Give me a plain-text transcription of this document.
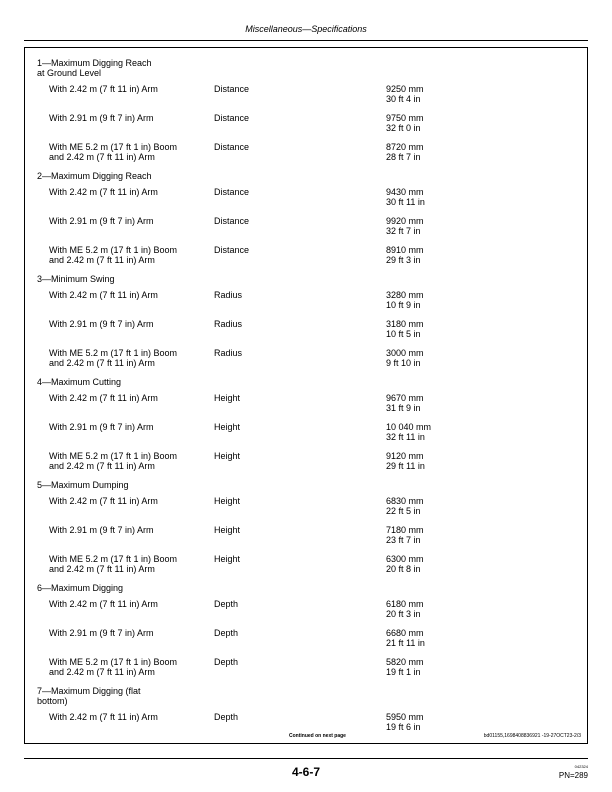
Miscellaneous—Specifications
1—Maximum Digging Reach
at Ground Level
With 2.42 m (7 ft 11 in) Arm	Distance	9250 mm
30 ft 4 in
With 2.91 m (9 ft 7 in) Arm	Distance	9750 mm
32 ft 0 in
With ME 5.2 m (17 ft 1 in) Boom
and 2.42 m (7 ft 11 in) Arm
Distance	8720 mm
28 ft 7 in
2—Maximum Digging Reach
With 2.42 m (7 ft 11 in) Arm	Distance	9430 mm
30 ft 11 in
With 2.91 m (9 ft 7 in) Arm	Distance	9920 mm
32 ft 7 in
With ME 5.2 m (17 ft 1 in) Boom
and 2.42 m (7 ft 11 in) Arm
Distance	8910 mm
29 ft 3 in
3—Minimum Swing
With 2.42 m (7 ft 11 in) Arm	Radius	3280 mm
10 ft 9 in
With 2.91 m (9 ft 7 in) Arm	Radius	3180 mm
10 ft 5 in
With ME 5.2 m (17 ft 1 in) Boom
and 2.42 m (7 ft 11 in) Arm
Radius	3000 mm
9 ft 10 in
4—Maximum Cutting
With 2.42 m (7 ft 11 in) Arm	Height	9670 mm
31 ft 9 in
With 2.91 m (9 ft 7 in) Arm	Height	10 040 mm
32 ft 11 in
With ME 5.2 m (17 ft 1 in) Boom
and 2.42 m (7 ft 11 in) Arm
Height	9120 mm
29 ft 11 in
5—Maximum Dumping
With 2.42 m (7 ft 11 in) Arm	Height	6830 mm
22 ft 5 in
With 2.91 m (9 ft 7 in) Arm	Height	7180 mm
23 ft 7 in
With ME 5.2 m (17 ft 1 in) Boom
and 2.42 m (7 ft 11 in) Arm
Height	6300 mm
20 ft 8 in
6—Maximum Digging
With 2.42 m (7 ft 11 in) Arm	Depth	6180 mm
20 ft 3 in
With 2.91 m (9 ft 7 in) Arm	Depth	6680 mm
21 ft 11 in
With ME 5.2 m (17 ft 1 in) Boom
and 2.42 m (7 ft 11 in) Arm
Depth	5820 mm
19 ft 1 in
7—Maximum Digging (flat
bottom)
With 2.42 m (7 ft 11 in) Arm	Depth	5950 mm
19 ft 6 in
Continued on next page	bd01155,1698408836921 -19-27OCT23-2/3
4-6-7	042324
PN=289
